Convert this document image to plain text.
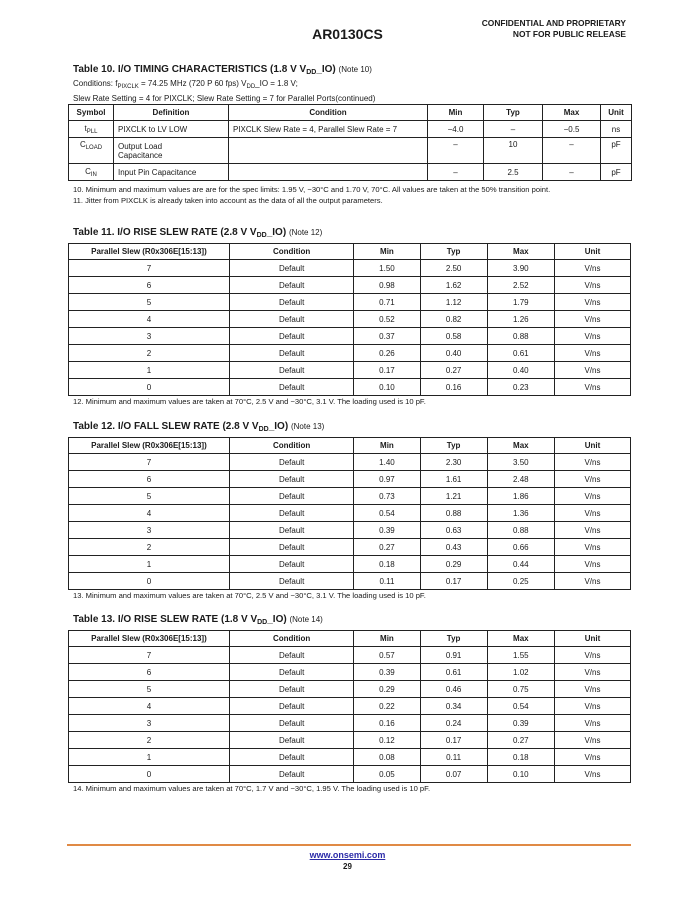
AR0130CS
CONFIDENTIAL AND PROPRIETARY
NOT FOR PUBLIC RELEASE
Table 10. I/O TIMING CHARACTERISTICS (1.8 V $V_{DD}\_IO$) (Note 10)
Conditions: $f_{PIXCLK} = 74.25$ MHz (720 P 60 fps) $V_{DD}\_IO = 1.8$ V;
Slew Rate Setting = 4 for PIXCLK; Slew Rate Setting = 7 for Parallel Ports(continued)
Symbol	Definition	Condition	Min	Typ	Max	Unit
$t_{PLL}$	PIXCLK to LV LOW	PIXCLK Slew Rate = 4, Parallel Slew Rate = 7	−4.0	–	−0.5	ns
$C_{LOAD}$	Output Load Capacitance		–	10	–	pF
$C_{IN}$	Input Pin Capacitance		–	2.5	–	pF
10. Minimum and maximum values are are for the spec limits: 1.95 V, −30°C and 1.70 V, 70°C. All values are taken at the 50% transition point.
11. Jitter from PIXCLK is already taken into account as the data of all the output parameters.
Table 11. I/O RISE SLEW RATE (2.8 V $V_{DD}\_IO$) (Note 12)
Parallel Slew (R0x306E[15:13])	Condition	Min	Typ	Max	Unit
7	Default	1.50	2.50	3.90	V/ns
6	Default	0.98	1.62	2.52	V/ns
5	Default	0.71	1.12	1.79	V/ns
4	Default	0.52	0.82	1.26	V/ns
3	Default	0.37	0.58	0.88	V/ns
2	Default	0.26	0.40	0.61	V/ns
1	Default	0.17	0.27	0.40	V/ns
0	Default	0.10	0.16	0.23	V/ns
12. Minimum and maximum values are taken at 70°C, 2.5 V and −30°C, 3.1 V. The loading used is 10 pF.
Table 12. I/O FALL SLEW RATE (2.8 V $V_{DD}\_IO$) (Note 13)
Parallel Slew (R0x306E[15:13])	Condition	Min	Typ	Max	Unit
7	Default	1.40	2.30	3.50	V/ns
6	Default	0.97	1.61	2.48	V/ns
5	Default	0.73	1.21	1.86	V/ns
4	Default	0.54	0.88	1.36	V/ns
3	Default	0.39	0.63	0.88	V/ns
2	Default	0.27	0.43	0.66	V/ns
1	Default	0.18	0.29	0.44	V/ns
0	Default	0.11	0.17	0.25	V/ns
13. Minimum and maximum values are taken at 70°C, 2.5 V and −30°C, 3.1 V. The loading used is 10 pF.
Table 13. I/O RISE SLEW RATE (1.8 V $V_{DD}\_IO$) (Note 14)
Parallel Slew (R0x306E[15:13])	Condition	Min	Typ	Max	Unit
7	Default	0.57	0.91	1.55	V/ns
6	Default	0.39	0.61	1.02	V/ns
5	Default	0.29	0.46	0.75	V/ns
4	Default	0.22	0.34	0.54	V/ns
3	Default	0.16	0.24	0.39	V/ns
2	Default	0.12	0.17	0.27	V/ns
1	Default	0.08	0.11	0.18	V/ns
0	Default	0.05	0.07	0.10	V/ns
14. Minimum and maximum values are taken at 70°C, 1.7 V and −30°C, 1.95 V. The loading used is 10 pF.
www.onsemi.com
29
